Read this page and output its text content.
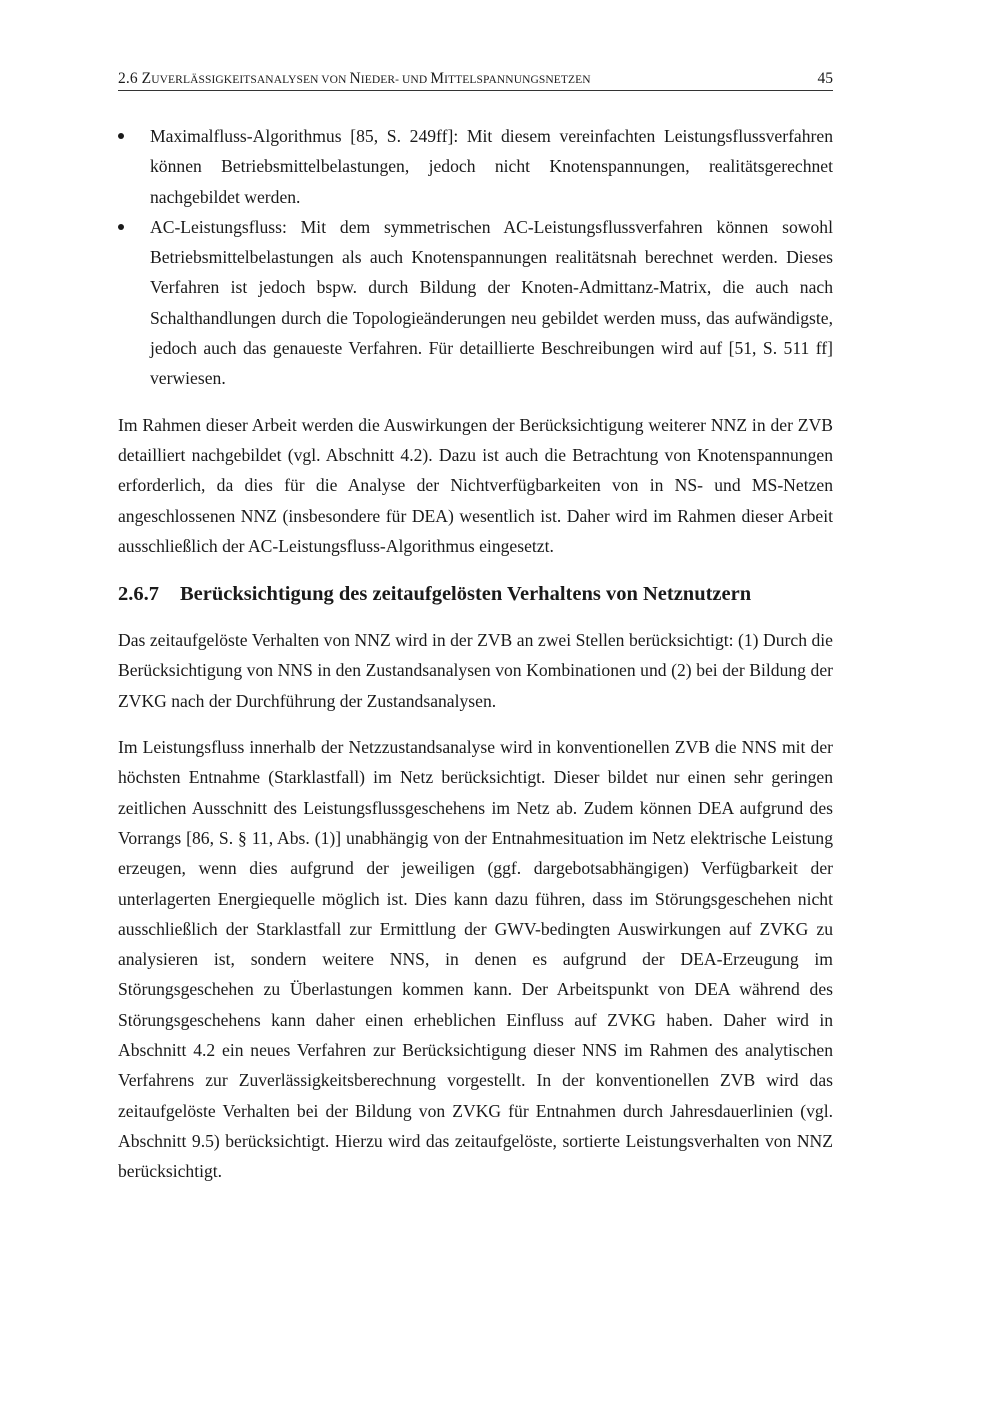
2.6 ZUVERLÄSSIGKEITSANALYSEN VON NIEDER- UND MITTELSPANNUNGSNETZEN	45
Maximalfluss-Algorithmus [85, S. 249ff]: Mit diesem vereinfachten Leistungsflussverfahren können Betriebsmittelbelastungen, jedoch nicht Knotenspannungen, realitätsgerechnet nachgebildet werden.
AC-Leistungsfluss: Mit dem symmetrischen AC-Leistungsflussverfahren können sowohl Betriebsmittelbelastungen als auch Knotenspannungen realitätsnah berechnet werden. Dieses Verfahren ist jedoch bspw. durch Bildung der Knoten-Admittanz-Matrix, die auch nach Schalthandlungen durch die Topologieänderungen neu gebildet werden muss, das aufwändigste, jedoch auch das genaueste Verfahren. Für detaillierte Beschreibungen wird auf [51, S. 511 ff] verwiesen.

Im Rahmen dieser Arbeit werden die Auswirkungen der Berücksichtigung weiterer NNZ in der ZVB detailliert nachgebildet (vgl. Abschnitt 4.2). Dazu ist auch die Betrachtung von Knotenspannungen erforderlich, da dies für die Analyse der Nichtverfügbarkeiten von in NS- und MS-Netzen angeschlossenen NNZ (insbesondere für DEA) wesentlich ist. Daher wird im Rahmen dieser Arbeit ausschließlich der AC-Leistungsfluss-Algorithmus eingesetzt.

2.6.7 Berücksichtigung des zeitaufgelösten Verhaltens von Netznutzern

Das zeitaufgelöste Verhalten von NNZ wird in der ZVB an zwei Stellen berücksichtigt: (1) Durch die Berücksichtigung von NNS in den Zustandsanalysen von Kombinationen und (2) bei der Bildung der ZVKG nach der Durchführung der Zustandsanalysen.

Im Leistungsfluss innerhalb der Netzzustandsanalyse wird in konventionellen ZVB die NNS mit der höchsten Entnahme (Starklastfall) im Netz berücksichtigt. Dieser bildet nur einen sehr geringen zeitlichen Ausschnitt des Leistungsflussgeschehens im Netz ab. Zudem können DEA aufgrund des Vorrangs [86, S. § 11, Abs. (1)] unabhängig von der Entnahmesituation im Netz elektrische Leistung erzeugen, wenn dies aufgrund der jeweiligen (ggf. dargebotsabhängigen) Verfügbarkeit der unterlagerten Energiequelle möglich ist. Dies kann dazu führen, dass im Störungsgeschehen nicht ausschließlich der Starklastfall zur Ermittlung der GWV-bedingten Auswirkungen auf ZVKG zu analysieren ist, sondern weitere NNS, in denen es aufgrund der DEA-Erzeugung im Störungsgeschehen zu Überlastungen kommen kann. Der Arbeitspunkt von DEA während des Störungsgeschehens kann daher einen erheblichen Einfluss auf ZVKG haben. Daher wird in Abschnitt 4.2 ein neues Verfahren zur Berücksichtigung dieser NNS im Rahmen des analytischen Verfahrens zur Zuverlässigkeitsberechnung vorgestellt. In der konventionellen ZVB wird das zeitaufgelöste Verhalten bei der Bildung von ZVKG für Entnahmen durch Jahresdauerlinien (vgl. Abschnitt 9.5) berücksichtigt. Hierzu wird das zeitaufgelöste, sortierte Leistungsverhalten von NNZ berücksichtigt.
